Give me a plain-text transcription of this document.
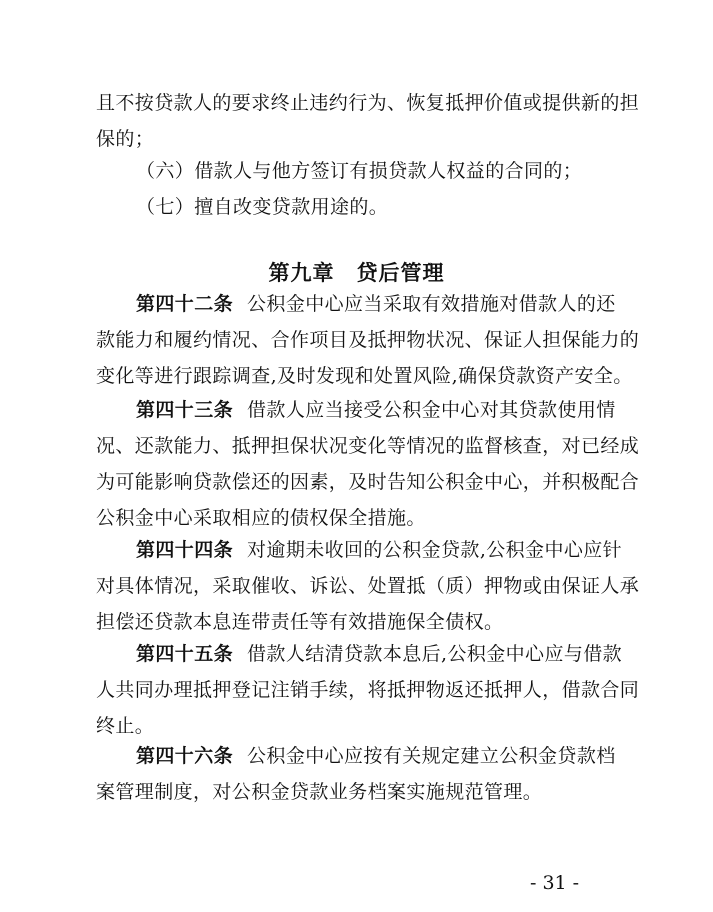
且不按贷款人的要求终止违约行为、恢复抵押价值或提供新的担
保的；
（六）借款人与他方签订有损贷款人权益的合同的；
（七）擅自改变贷款用途的。
第九章　贷后管理
第四十二条 公积金中心应当采取有效措施对借款人的还
款能力和履约情况、合作项目及抵押物状况、保证人担保能力的
变化等进行跟踪调查,及时发现和处置风险,确保贷款资产安全。
第四十三条 借款人应当接受公积金中心对其贷款使用情
况、还款能力、抵押担保状况变化等情况的监督核查，对已经成
为可能影响贷款偿还的因素，及时告知公积金中心，并积极配合
公积金中心采取相应的债权保全措施。
第四十四条 对逾期未收回的公积金贷款,公积金中心应针
对具体情况，采取催收、诉讼、处置抵（质）押物或由保证人承
担偿还贷款本息连带责任等有效措施保全债权。
第四十五条 借款人结清贷款本息后,公积金中心应与借款
人共同办理抵押登记注销手续，将抵押物返还抵押人，借款合同
终止。
第四十六条 公积金中心应按有关规定建立公积金贷款档
案管理制度，对公积金贷款业务档案实施规范管理。
- 31 -
